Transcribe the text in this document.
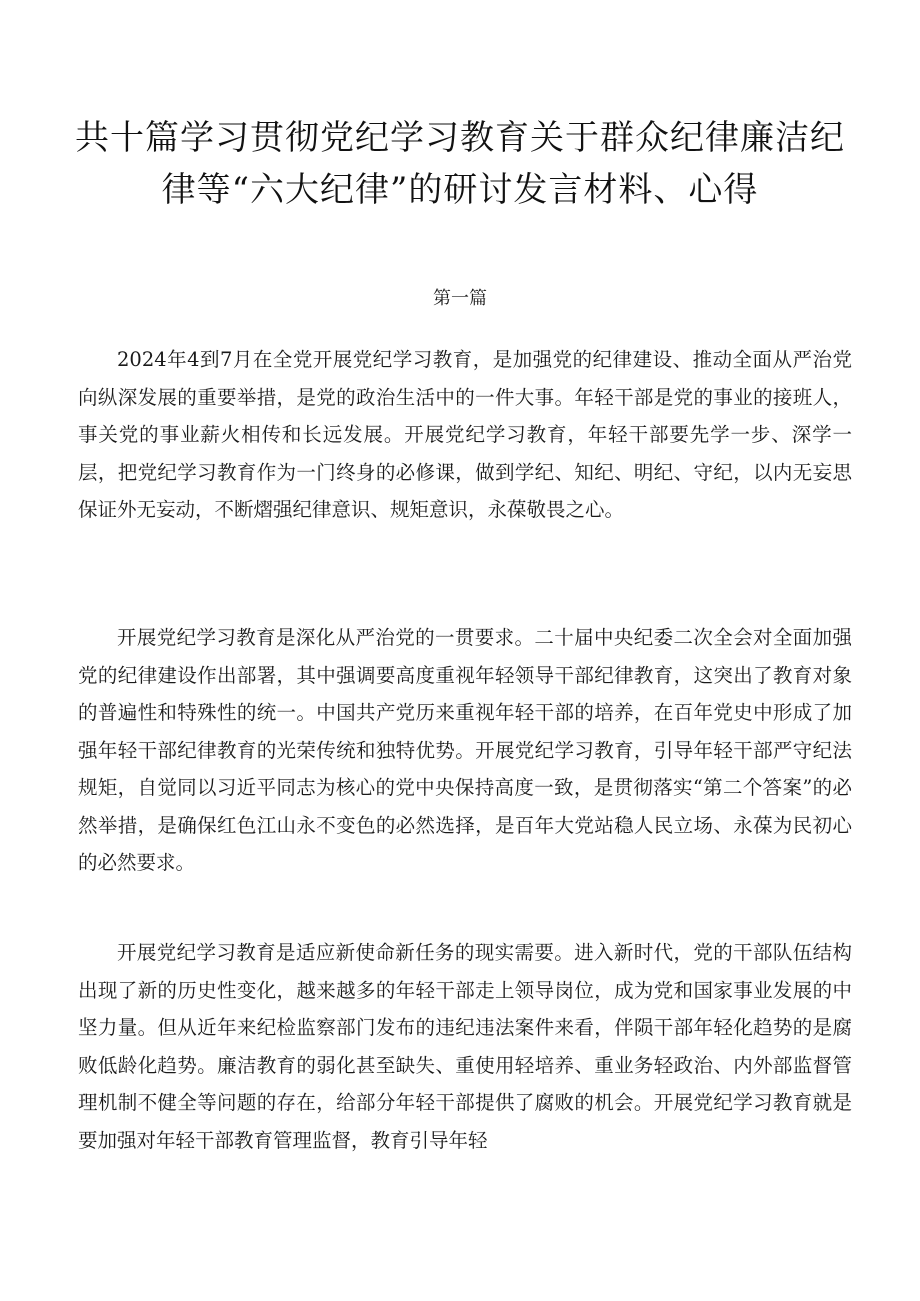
共十篇学习贯彻党纪学习教育关于群众纪律廉洁纪律等“六大纪律”的研讨发言材料、心得
第一篇

2024年4到7月在全党开展党纪学习教育，是加强党的纪律建设、推动全面从严治党向纵深发展的重要举措，是党的政治生活中的一件大事。年轻干部是党的事业的接班人，事关党的事业薪火相传和长远发展。开展党纪学习教育，年轻干部要先学一步、深学一层，把党纪学习教育作为一门终身的必修课，做到学纪、知纪、明纪、守纪，以内无妄思保证外无妄动，不断熠强纪律意识、规矩意识，永葆敬畏之心。

开展党纪学习教育是深化从严治党的一贯要求。二十届中央纪委二次全会对全面加强党的纪律建设作出部署，其中强调要高度重视年轻领导干部纪律教育，这突出了教育对象的普遍性和特殊性的统一。中国共产党历来重视年轻干部的培养，在百年党史中形成了加强年轻干部纪律教育的光荣传统和独特优势。开展党纪学习教育，引导年轻干部严守纪法规矩，自觉同以习近平同志为核心的党中央保持高度一致，是贯彻落实“第二个答案”的必然举措，是确保红色江山永不变色的必然选择，是百年大党站稳人民立场、永葆为民初心的必然要求。

开展党纪学习教育是适应新使命新任务的现实需要。进入新时代，党的干部队伍结构出现了新的历史性变化，越来越多的年轻干部走上领导岗位，成为党和国家事业发展的中坚力量。但从近年来纪检监察部门发布的违纪违法案件来看，伴陨干部年轻化趋势的是腐败低龄化趋势。廉洁教育的弱化甚至缺失、重使用轻培养、重业务轻政治、内外部监督管理机制不健全等问题的存在，给部分年轻干部提供了腐败的机会。开展党纪学习教育就是要加强对年轻干部教育管理监督，教育引导年轻
